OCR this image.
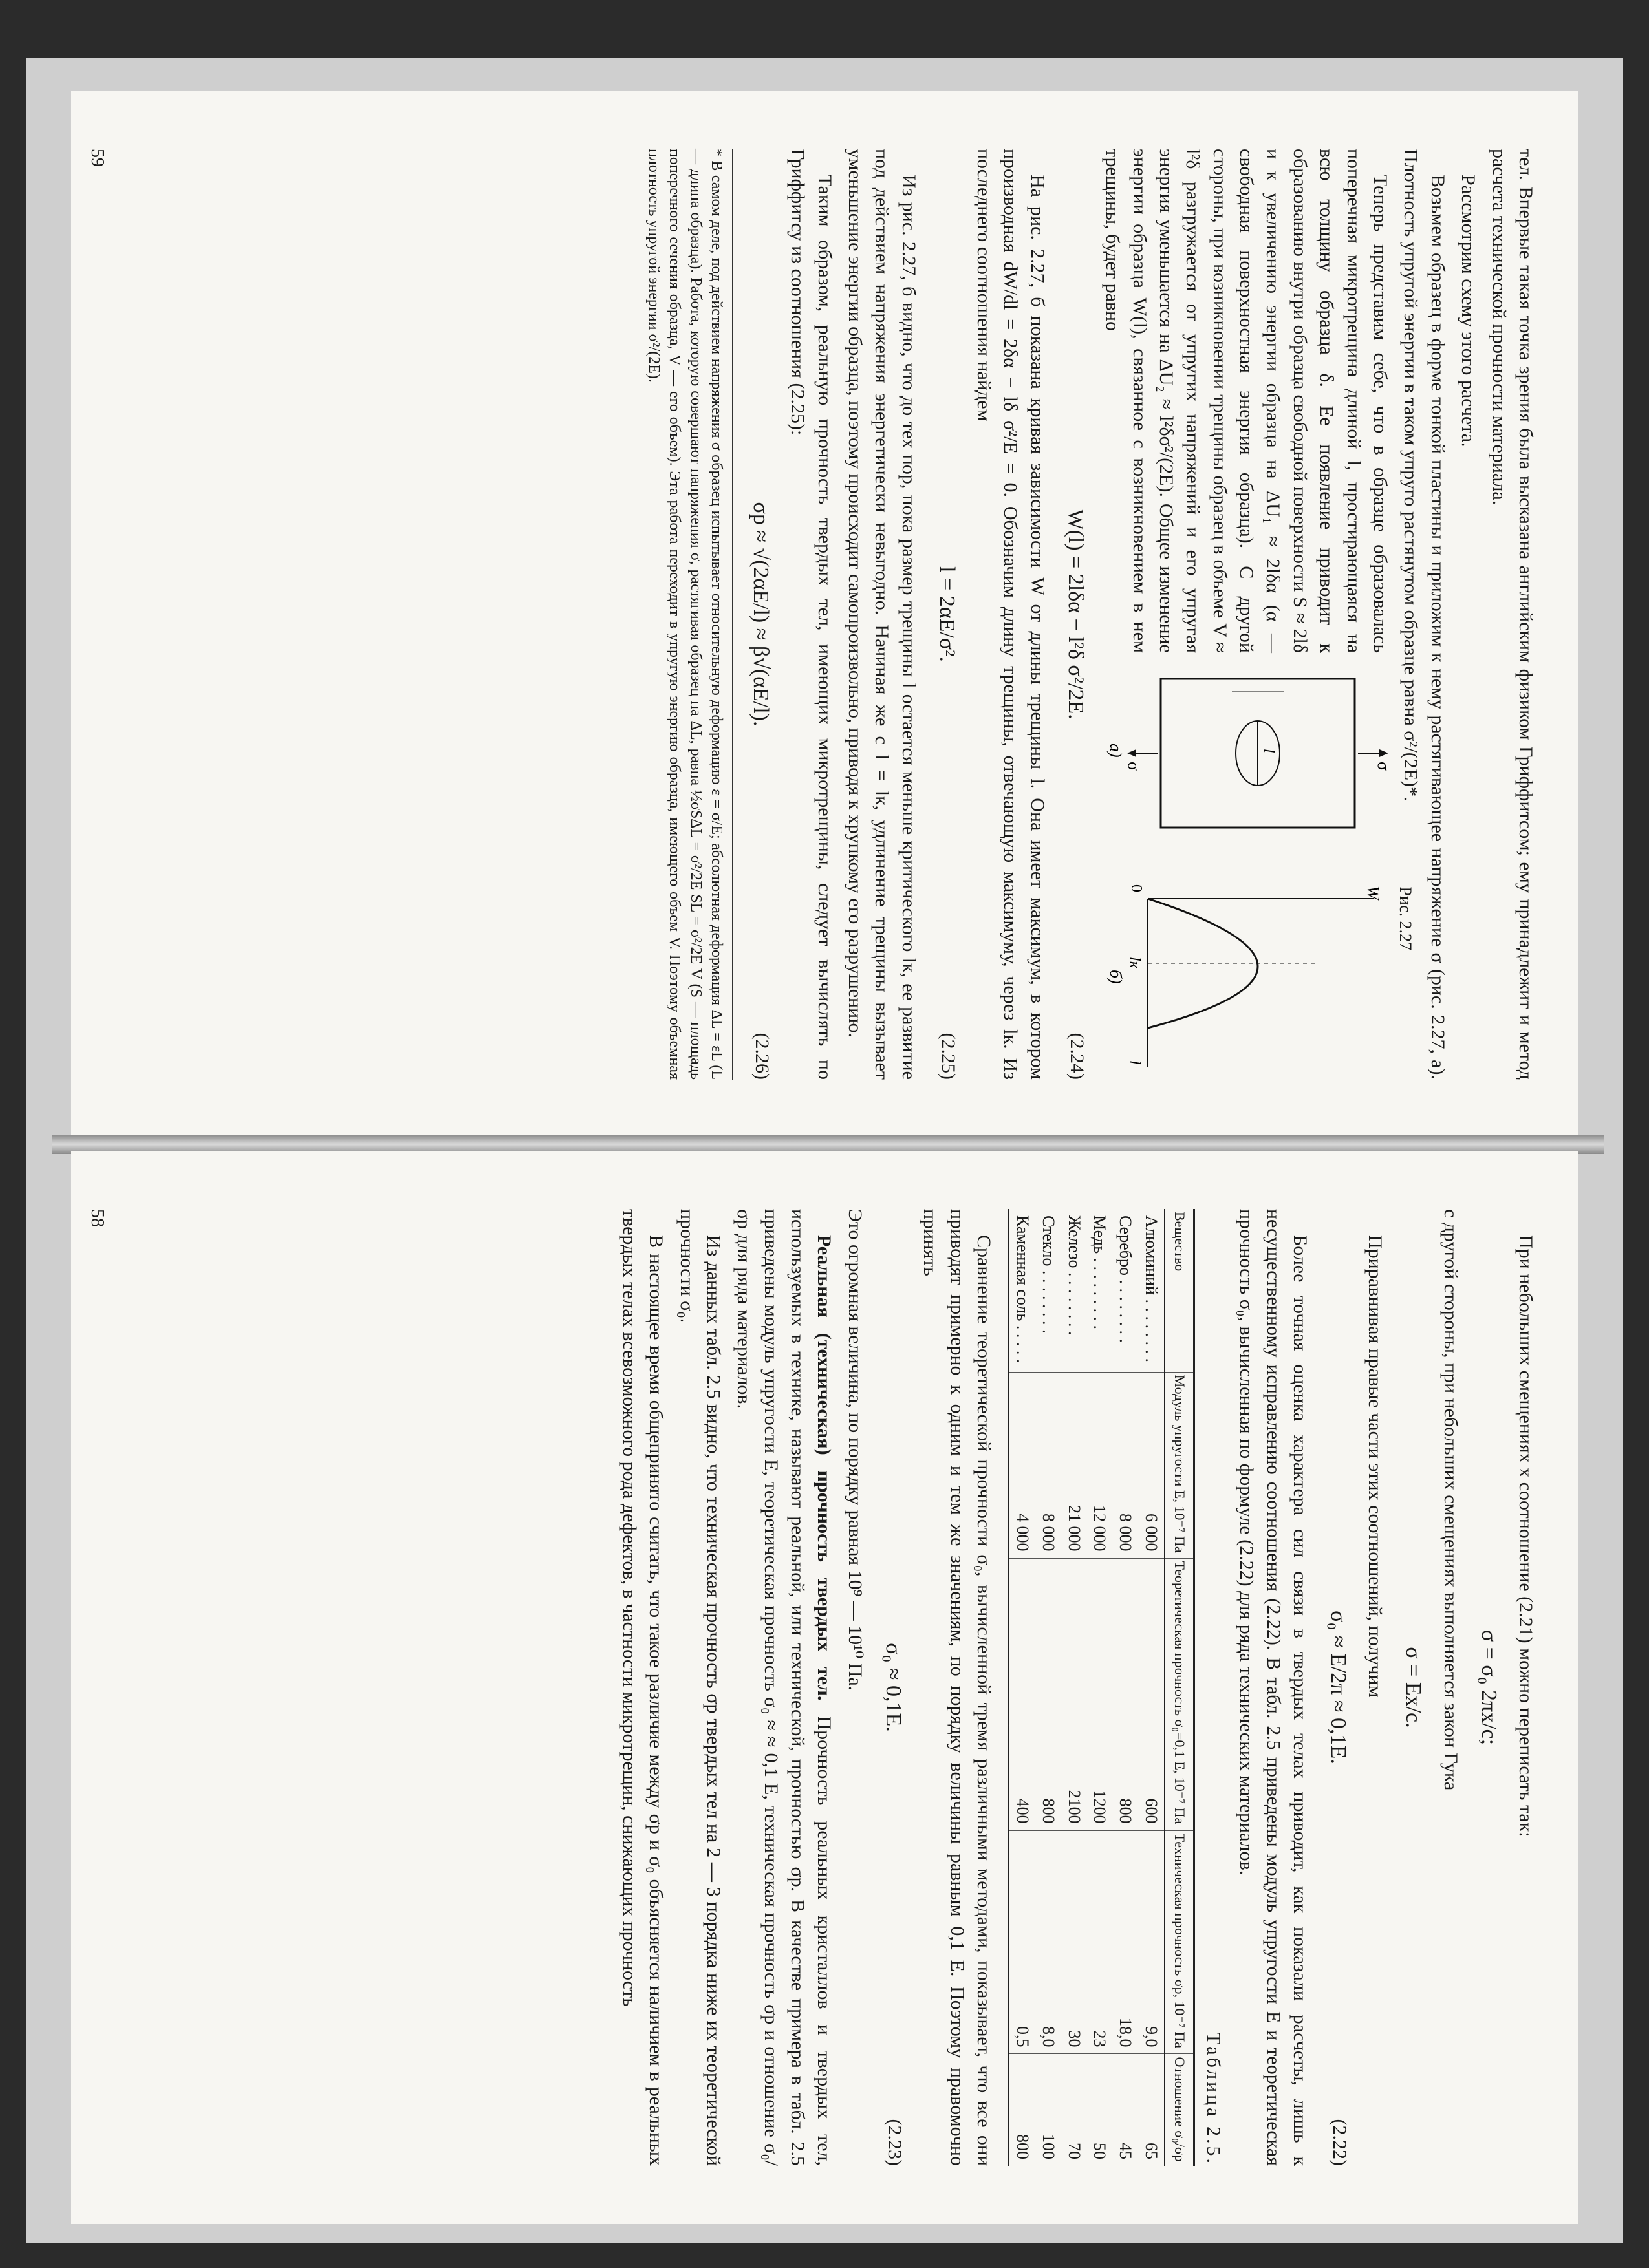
59	тел. Впервые такая точка зрения была высказана английским физиком Гриффитсом; ему принадлежит и метод расчета технической прочности материала.

Рассмотрим схему этого расчета.

Возьмем образец в форме тонкой пластины и приложим к нему растягивающее напряжение σ (рис. 2.27, а). Плотность упругой энергии в таком упруго растянутом образце равна σ²/(2E)*.

σ
σ
l
W
0
lк
l
а)
б)
Рис. 2.27

Теперь представим себе, что в образце образовалась поперечная микротрещина длиной l, простирающаяся на всю толщину образца δ. Ее появление приводит к образованию внутри образца свободной поверхности S ≈ 2lδ и к увеличению энергии образца на ΔU₁ ≈ 2lδα (α — свободная поверхностная энергия образца). С другой стороны, при возникновении трещины образец в объеме V ≈ l²δ разгружается от упругих напряжений и его упругая энергия уменьшается на ΔU₂ ≈ l²δσ²/(2E). Общее изменение энергии образца W(l), связанное с возникновением в нем трещины, будет равно

W(l) = 2lδα − l²δ σ²/2E.
(2.24)

На рис. 2.27, б показана кривая зависимости W от длины трещины l. Она имеет максимум, в котором производная dW/dl = 2δα − lδ σ²/E = 0. Обозначим длину трещины, отвечающую максимуму, через lк. Из последнего соотношения найдем

l = 2αE/σ².
(2.25)

Из рис. 2.27, б видно, что до тех пор, пока размер трещины l остается меньше критического lк, ее развитие под действием напряжения энергетически невыгодно. Начиная же с l = lк, удлинение трещины вызывает уменьшение энергии образца, поэтому происходит самопроизвольно, приводя к хрупкому его разрушению.

Таким образом, реальную прочность твердых тел, имеющих микротрещины, следует вычислять по Гриффитсу из соотношения (2.25):

σр ≈ √(2αE/l) ≈ β√(αE/l).
(2.26)
* В самом деле, под действием напряжения σ образец испытывает относительную деформацию ε = σ/E; абсолютная деформация ΔL = εL (L — длина образца). Работа, которую совершают напряжения σ, растягивая образец на ΔL, равна ½σSΔL = σ²/2E SL = σ²/2E V (S — площадь поперечного сечения образца, V — его объем). Эта работа переходит в упругую энергию образца, имеющего объем V. Поэтому объемная плотность упругой энергии σ²/(2E).
58

При небольших смещениях x соотношение (2.21) можно переписать так:

σ = σ₀ 2πx/c;

с другой стороны, при небольших смещениях выполняется закон Гука

σ = Ex/c.

Приравнивая правые части этих соотношений, получим

σ₀ ≈ E/2π ≈ 0,1E.
(2.22)

Более точная оценка характера сил связи в твердых телах приводит, как показали расчеты, лишь к несущественному исправлению соотношения (2.22). В табл. 2.5 приведены модуль упругости E и теоретическая прочность σ₀, вычисленная по формуле (2.22) для ряда технических материалов.

Таблица 2.5.

Вещество	Модуль упругости E, 10⁻⁷ Па	Теоретическая прочность σ₀=0,1 E, 10⁻⁷ Па	Техническая прочность σр, 10⁻⁷ Па	Отношение σ₀/σр
Алюминий . . . . . . . .	6 000	600	9,0	65
Серебро . . . . . . . .	8 000	800	18,0	45
Медь . . . . . . . . .	12 000	1200	23	50
Железо . . . . . . . .	21 000	2100	30	70
Стекло . . . . . . . .	8 000	800	8,0	100
Каменная соль . . . . .	4 000	400	0,5	800

Сравнение теоретической прочности σ₀, вычисленной тремя различными методами, показывает, что все они приводят примерно к одним и тем же значениям, по порядку величины равным 0,1 E. Поэтому правомочно принять

σ₀ ≈ 0,1E.
(2.23)

Это огромная величина, по порядку равная 10⁹ — 10¹⁰ Па.

Реальная (техническая) прочность твердых тел. Прочность реальных кристаллов и твердых тел, используемых в технике, называют реальной, или технической, прочностью σр. В качестве примера в табл. 2.5 приведены модуль упругости E, теоретическая прочность σ₀ ≈ ≈ 0,1 E, техническая прочность σр и отношение σ₀/σр для ряда материалов.

Из данных табл. 2.5 видно, что техническая прочность σр твердых тел на 2 — 3 порядка ниже их теоретической прочности σ₀.

В настоящее время общепринято считать, что такое различие между σр и σ₀ объясняется наличием в реальных твердых телах всевозможного рода дефектов, в частности микротрещин, снижающих прочность
